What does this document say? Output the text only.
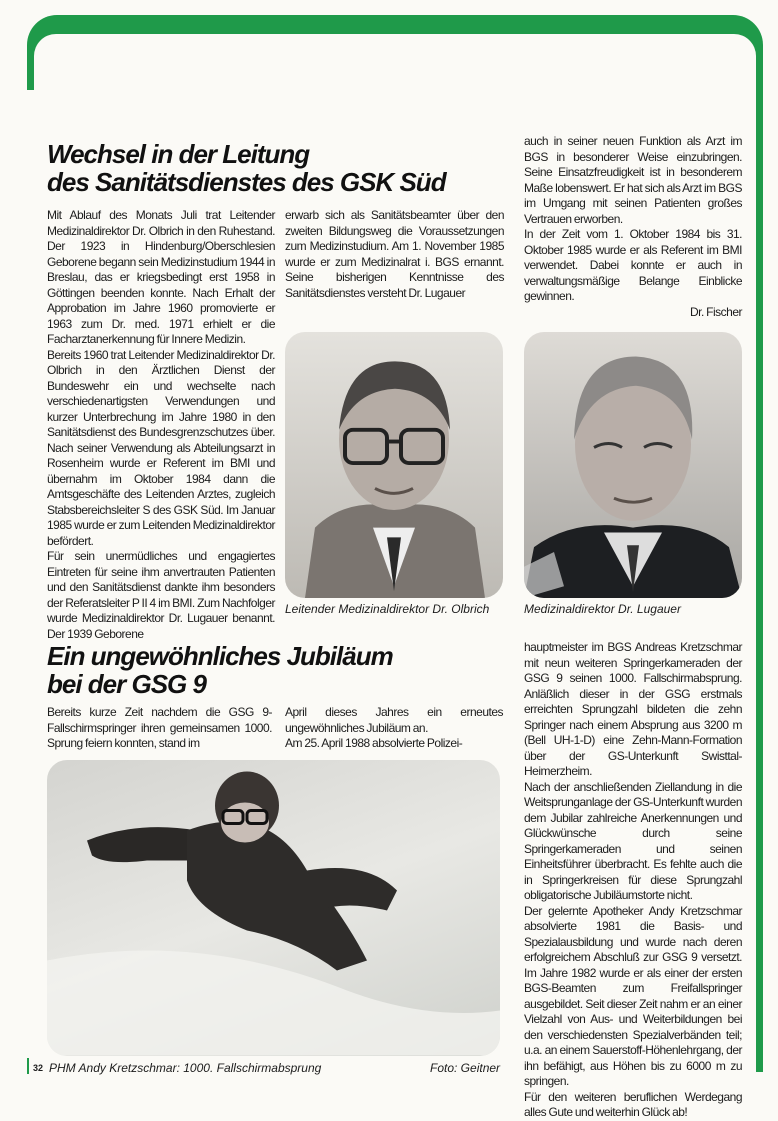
Wechsel in der Leitung
des Sanitätsdienstes des GSK Süd

Mit Ablauf des Monats Juli trat Leitender Medizinaldirektor Dr. Olbrich in den Ruhestand. Der 1923 in Hindenburg/Oberschlesien Geborene begann sein Medizinstudium 1944 in Breslau, das er kriegsbedingt erst 1958 in Göttingen beenden konnte. Nach Erhalt der Approbation im Jahre 1960 promovierte er 1963 zum Dr. med. 1971 erhielt er die Facharztanerkennung für Innere Medizin.

Bereits 1960 trat Leitender Medizinaldirektor Dr. Olbrich in den Ärztlichen Dienst der Bundeswehr ein und wechselte nach verschiedenartigsten Verwendungen und kurzer Unterbrechung im Jahre 1980 in den Sanitätsdienst des Bundesgrenzschutzes über. Nach seiner Verwendung als Abteilungsarzt in Rosenheim wurde er Referent im BMI und übernahm im Oktober 1984 dann die Amtsgeschäfte des Leitenden Arztes, zugleich Stabsbereichsleiter S des GSK Süd. Im Januar 1985 wurde er zum Leitenden Medizinaldirektor befördert.

Für sein unermüdliches und engagiertes Eintreten für seine ihm anvertrauten Patienten und den Sanitätsdienst dankte ihm besonders der Referatsleiter P II 4 im BMI. Zum Nachfolger wurde Medizinaldirektor Dr. Lugauer benannt. Der 1939 Geborene

erwarb sich als Sanitätsbeamter über den zweiten Bildungsweg die Voraussetzungen zum Medizinstudium. Am 1. November 1985 wurde er zum Medizinalrat i. BGS ernannt. Seine bisherigen Kenntnisse des Sanitätsdienstes versteht Dr. Lugauer

auch in seiner neuen Funktion als Arzt im BGS in besonderer Weise einzubringen. Seine Einsatzfreudigkeit ist in besonderem Maße lobenswert. Er hat sich als Arzt im BGS im Umgang mit seinen Patienten großes Vertrauen erworben.

In der Zeit vom 1. Oktober 1984 bis 31. Oktober 1985 wurde er als Referent im BMI verwendet. Dabei konnte er auch in verwaltungsmäßige Belange Einblicke gewinnen.

Dr. Fischer

Leitender Medizinaldirektor Dr. Olbrich	Medizinaldirektor Dr. Lugauer
Ein ungewöhnliches Jubiläum
bei der GSG 9

Bereits kurze Zeit nachdem die GSG 9-Fallschirmspringer ihren gemeinsamen 1000. Sprung feiern konnten, stand im

April dieses Jahres ein erneutes ungewöhnliches Jubiläum an.

Am 25. April 1988 absolvierte Polizei-

hauptmeister im BGS Andreas Kretzschmar mit neun weiteren Springerkameraden der GSG 9 seinen 1000. Fallschirmabsprung. Anläßlich dieser in der GSG erstmals erreichten Sprungzahl bildeten die zehn Springer nach einem Absprung aus 3200 m (Bell UH-1-D) eine Zehn-Mann-Formation über der GS-Unterkunft Swisttal-Heimerzheim.

Nach der anschließenden Ziellandung in die Weitsprunganlage der GS-Unterkunft wurden dem Jubilar zahlreiche Anerkennungen und Glückwünsche durch seine Springerkameraden und seinen Einheitsführer überbracht. Es fehlte auch die in Springerkreisen für diese Sprungzahl obligatorische Jubiläumstorte nicht.

Der gelernte Apotheker Andy Kretzschmar absolvierte 1981 die Basis- und Spezialausbildung und wurde nach deren erfolgreichem Abschluß zur GSG 9 versetzt. Im Jahre 1982 wurde er als einer der ersten BGS-Beamten zum Freifallspringer ausgebildet. Seit dieser Zeit nahm er an einer Vielzahl von Aus- und Weiterbildungen bei den verschiedensten Spezialverbänden teil; u.a. an einem Sauerstoff-Höhenlehrgang, der ihn befähigt, aus Höhen bis zu 6000 m zu springen.

Für den weiteren beruflichen Werdegang alles Gute und weiterhin Glück ab!

32 PHM Andy Kretzschmar: 1000. Fallschirmabsprung	Foto: Geitner
